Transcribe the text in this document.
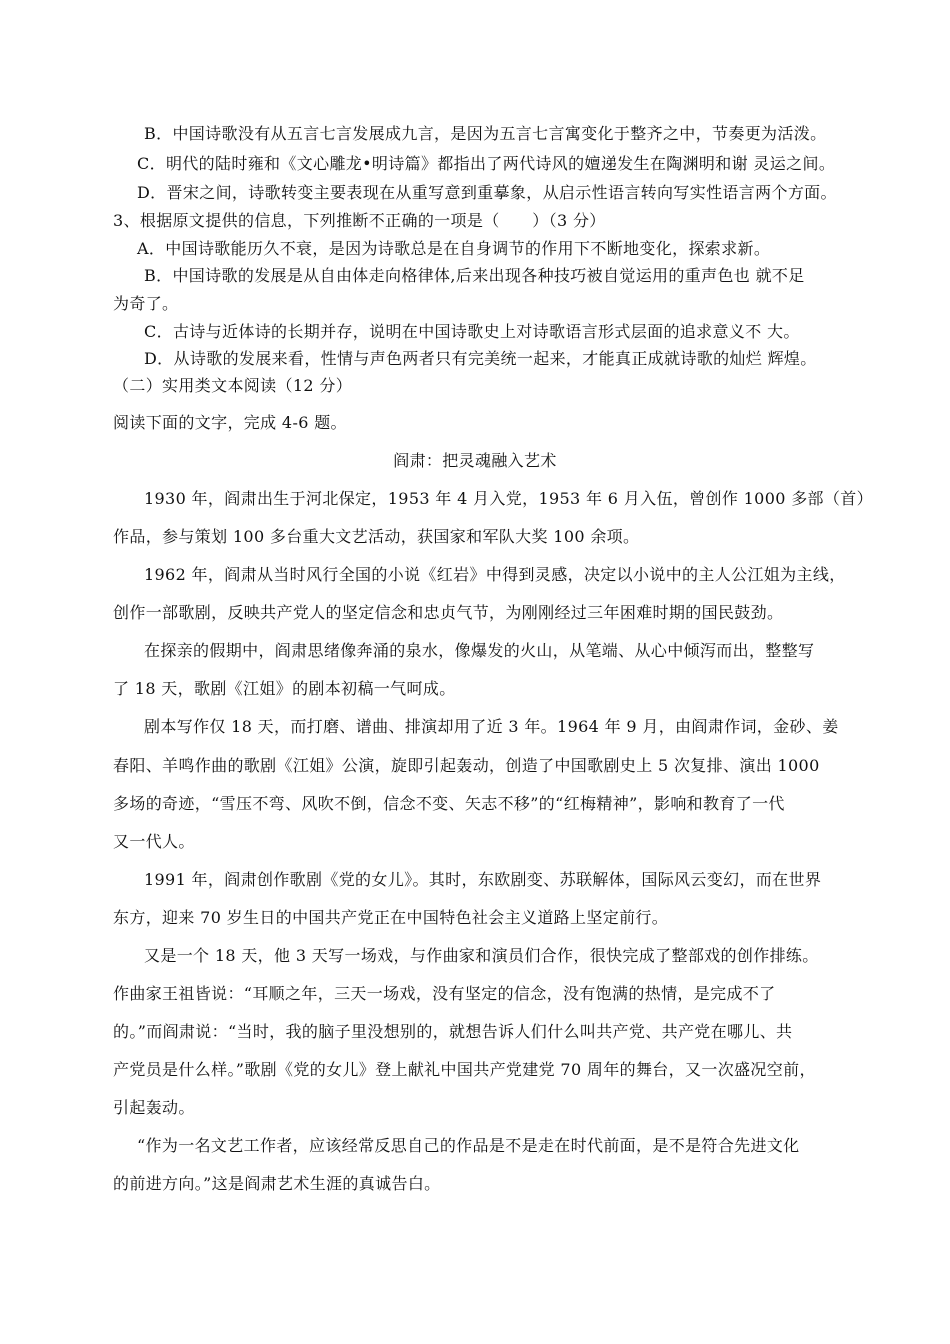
B．中国诗歌没有从五言七言发展成九言，是因为五言七言寓变化于整齐之中，节奏更为活泼。
C．明代的陆时雍和《文心雕龙•明诗篇》都指出了两代诗风的嬗递发生在陶渊明和谢 灵运之间。
D．晋宋之间，诗歌转变主要表现在从重写意到重摹象，从启示性语言转向写实性语言两个方面。
3、根据原文提供的信息，下列推断不正确的一项是（　　）（3 分）
A．中国诗歌能历久不衰，是因为诗歌总是在自身调节的作用下不断地变化，探索求新。
B．中国诗歌的发展是从自由体走向格律体,后来出现各种技巧被自觉运用的重声色也 就不足
为奇了。
C．古诗与近体诗的长期并存，说明在中国诗歌史上对诗歌语言形式层面的追求意义不 大。
D．从诗歌的发展来看，性情与声色两者只有完美统一起来，才能真正成就诗歌的灿烂 辉煌。
（二）实用类文本阅读（12 分）
阅读下面的文字，完成 4-6 题。
阎肃：把灵魂融入艺术
1930 年，阎肃出生于河北保定，1953 年 4 月入党，1953 年 6 月入伍，曾创作 1000 多部（首）
作品，参与策划 100 多台重大文艺活动，获国家和军队大奖 100 余项。
1962 年，阎肃从当时风行全国的小说《红岩》中得到灵感，决定以小说中的主人公江姐为主线，
创作一部歌剧，反映共产党人的坚定信念和忠贞气节，为刚刚经过三年困难时期的国民鼓劲。
在探亲的假期中，阎肃思绪像奔涌的泉水，像爆发的火山，从笔端、从心中倾泻而出，整整写
了 18 天，歌剧《江姐》的剧本初稿一气呵成。
剧本写作仅 18 天，而打磨、谱曲、排演却用了近 3 年。1964 年 9 月，由阎肃作词，金砂、姜
春阳、羊鸣作曲的歌剧《江姐》公演，旋即引起轰动，创造了中国歌剧史上 5 次复排、演出 1000
多场的奇迹，“雪压不弯、风吹不倒，信念不变、矢志不移”的“红梅精神”，影响和教育了一代
又一代人。
1991 年，阎肃创作歌剧《党的女儿》。其时，东欧剧变、苏联解体，国际风云变幻，而在世界
东方，迎来 70 岁生日的中国共产党正在中国特色社会主义道路上坚定前行。
又是一个 18 天，他 3 天写一场戏，与作曲家和演员们合作，很快完成了整部戏的创作排练。
作曲家王祖皆说：“耳顺之年，三天一场戏，没有坚定的信念，没有饱满的热情，是完成不了
的。”而阎肃说：“当时，我的脑子里没想别的，就想告诉人们什么叫共产党、共产党在哪儿、共
产党员是什么样。”歌剧《党的女儿》登上献礼中国共产党建党 70 周年的舞台，又一次盛况空前，
引起轰动。
“作为一名文艺工作者，应该经常反思自己的作品是不是走在时代前面，是不是符合先进文化
的前进方向。”这是阎肃艺术生涯的真诚告白。
